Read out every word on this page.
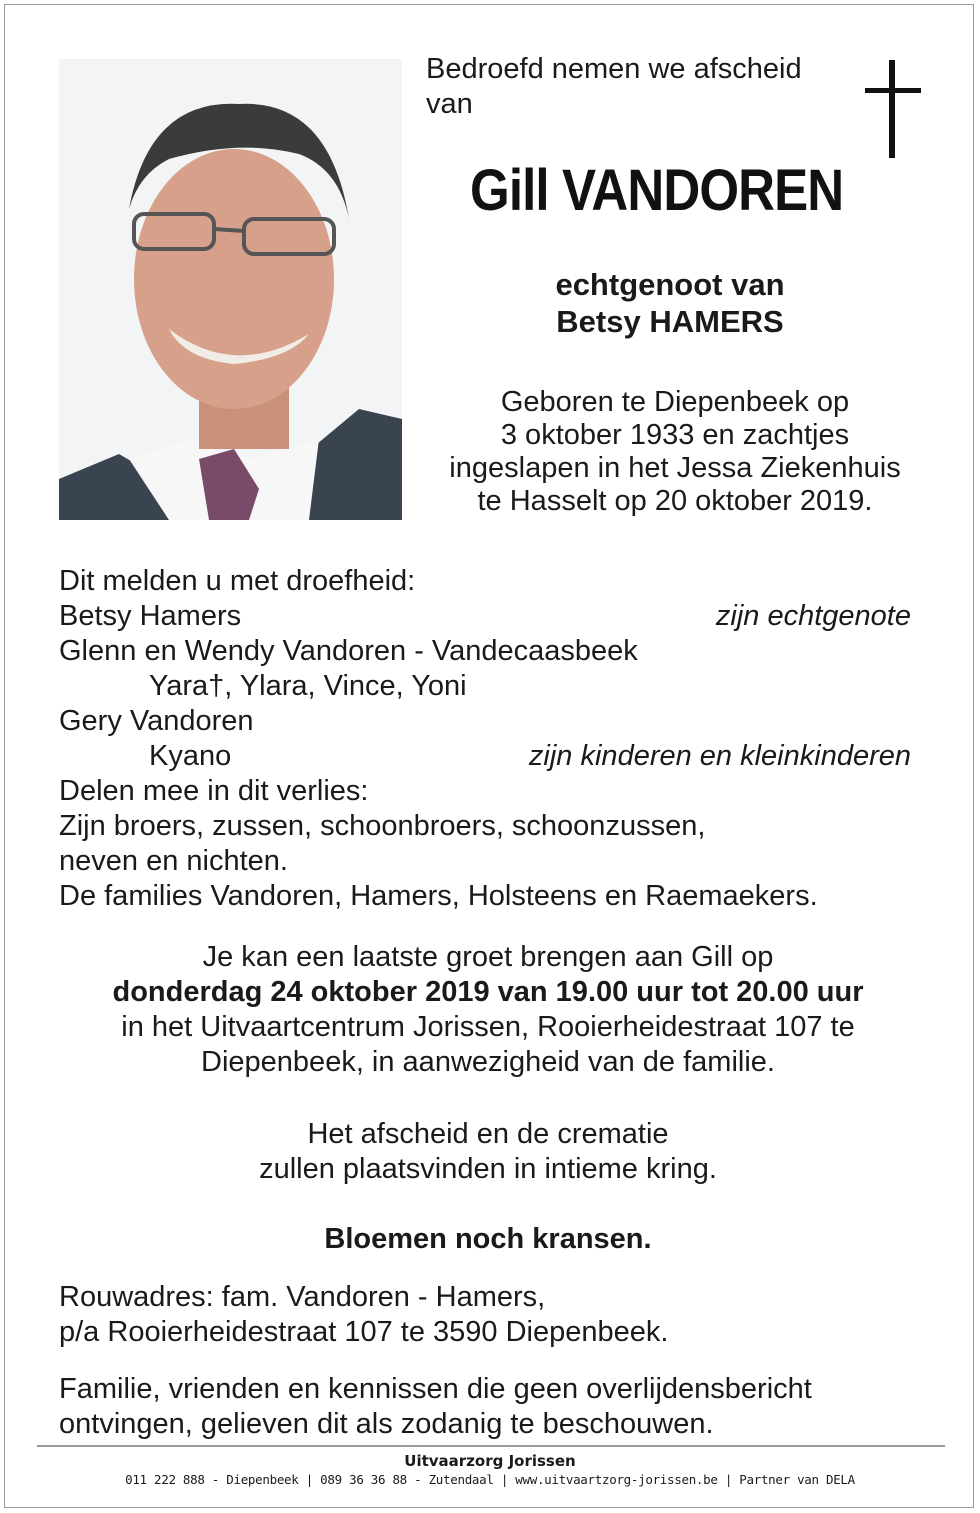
Bedroefd nemen we afscheid
van
Gill VANDOREN
echtgenoot van
Betsy HAMERS
Geboren te Diepenbeek op
3 oktober 1933 en zachtjes
ingeslapen in het Jessa Ziekenhuis
te Hasselt op 20 oktober 2019.
Dit melden u met droefheid:
Betsy Hamers	zijn echtgenote
Glenn en Wendy Vandoren - Vandecaasbeek
Yara†, Ylara, Vince, Yoni
Gery Vandoren
Kyano	zijn kinderen en kleinkinderen
Delen mee in dit verlies:
Zijn broers, zussen, schoonbroers, schoonzussen,
neven en nichten.
De families Vandoren, Hamers, Holsteens en Raemaekers.
Je kan een laatste groet brengen aan Gill op
donderdag 24 oktober 2019 van 19.00 uur tot 20.00 uur
in het Uitvaartcentrum Jorissen, Rooierheidestraat 107 te
Diepenbeek, in aanwezigheid van de familie.
Het afscheid en de crematie
zullen plaatsvinden in intieme kring.
Bloemen noch kransen.
Rouwadres: fam. Vandoren - Hamers,
p/a Rooierheidestraat 107 te 3590 Diepenbeek.
Familie, vrienden en kennissen die geen overlijdensbericht
ontvingen, gelieven dit als zodanig te beschouwen.
Uitvaarzorg Jorissen
011 222 888 - Diepenbeek | 089 36 36 88 - Zutendaal | www.uitvaartzorg-jorissen.be | Partner van DELA
